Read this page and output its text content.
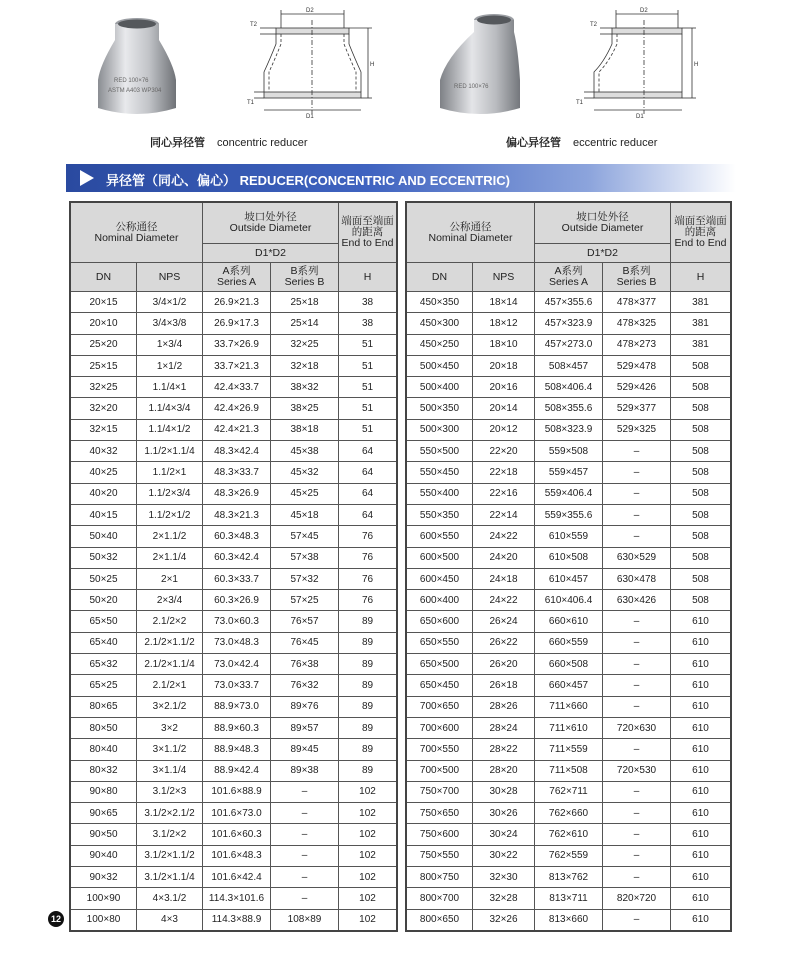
RED 100×76
ASTM A403 WP304
D2
D1
H
T2
T1
RED 100×76
D2
D1
H
T2
T1
同心异径管 concentric reducer	偏心异径管 eccentric reducer
异径管（同心、偏心） REDUCER(CONCENTRIC AND ECCENTRIC)
公称通径
Nominal Diameter		坡口处外径
Outside Diameter		端面至端面的距离
End to End
		D1*D2		
DN	NPS	A系列
Series A	B系列
Series B	H
20×15	3/4×1/2	26.9×21.3	25×18	38
20×10	3/4×3/8	26.9×17.3	25×14	38
25×20	1×3/4	33.7×26.9	32×25	51
25×15	1×1/2	33.7×21.3	32×18	51
32×25	1.1/4×1	42.4×33.7	38×32	51
32×20	1.1/4×3/4	42.4×26.9	38×25	51
32×15	1.1/4×1/2	42.4×21.3	38×18	51
40×32	1.1/2×1.1/4	48.3×42.4	45×38	64
40×25	1.1/2×1	48.3×33.7	45×32	64
40×20	1.1/2×3/4	48.3×26.9	45×25	64
40×15	1.1/2×1/2	48.3×21.3	45×18	64
50×40	2×1.1/2	60.3×48.3	57×45	76
50×32	2×1.1/4	60.3×42.4	57×38	76
50×25	2×1	60.3×33.7	57×32	76
50×20	2×3/4	60.3×26.9	57×25	76
65×50	2.1/2×2	73.0×60.3	76×57	89
65×40	2.1/2×1.1/2	73.0×48.3	76×45	89
65×32	2.1/2×1.1/4	73.0×42.4	76×38	89
65×25	2.1/2×1	73.0×33.7	76×32	89
80×65	3×2.1/2	88.9×73.0	89×76	89
80×50	3×2	88.9×60.3	89×57	89
80×40	3×1.1/2	88.9×48.3	89×45	89
80×32	3×1.1/4	88.9×42.4	89×38	89
90×80	3.1/2×3	101.6×88.9	–	102
90×65	3.1/2×2.1/2	101.6×73.0	–	102
90×50	3.1/2×2	101.6×60.3	–	102
90×40	3.1/2×1.1/2	101.6×48.3	–	102
90×32	3.1/2×1.1/4	101.6×42.4	–	102
100×90	4×3.1/2	114.3×101.6	–	102
100×80	4×3	114.3×88.9	108×89	102
公称通径
Nominal Diameter		坡口处外径
Outside Diameter		端面至端面的距离
End to End
		D1*D2		
DN	NPS	A系列
Series A	B系列
Series B	H
450×350	18×14	457×355.6	478×377	381
450×300	18×12	457×323.9	478×325	381
450×250	18×10	457×273.0	478×273	381
500×450	20×18	508×457	529×478	508
500×400	20×16	508×406.4	529×426	508
500×350	20×14	508×355.6	529×377	508
500×300	20×12	508×323.9	529×325	508
550×500	22×20	559×508	–	508
550×450	22×18	559×457	–	508
550×400	22×16	559×406.4	–	508
550×350	22×14	559×355.6	–	508
600×550	24×22	610×559	–	508
600×500	24×20	610×508	630×529	508
600×450	24×18	610×457	630×478	508
600×400	24×22	610×406.4	630×426	508
650×600	26×24	660×610	–	610
650×550	26×22	660×559	–	610
650×500	26×20	660×508	–	610
650×450	26×18	660×457	–	610
700×650	28×26	711×660	–	610
700×600	28×24	711×610	720×630	610
700×550	28×22	711×559	–	610
700×500	28×20	711×508	720×530	610
750×700	30×28	762×711	–	610
750×650	30×26	762×660	–	610
750×600	30×24	762×610	–	610
750×550	30×22	762×559	–	610
800×750	32×30	813×762	–	610
800×700	32×28	813×711	820×720	610
800×650	32×26	813×660	–	610
12
